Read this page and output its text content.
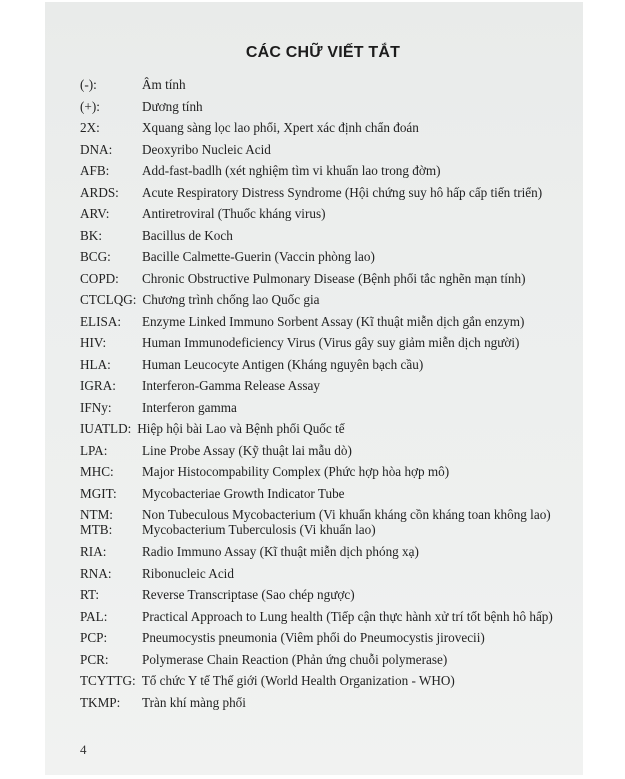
CÁC CHỮ VIẾT TẮT
(-):	Âm tính
(+):	Dương tính
2X:	Xquang sàng lọc lao phổi, Xpert xác định chẩn đoán
DNA: Deoxyribo Nucleic Acid
AFB: Add-fast-badlh (xét nghiệm tìm vi khuẩn lao trong đờm)
ARDS: Acute Respiratory Distress Syndrome (Hội chứng suy hô hấp cấp tiến triển)
ARV: Antiretroviral (Thuốc kháng virus)
BK:	Bacillus de Koch
BCG: Bacille Calmette-Guerin (Vaccin phòng lao)
COPD: Chronic Obstructive Pulmonary Disease (Bệnh phổi tắc nghẽn mạn tính)
CTCLQG: Chương trình chống lao Quốc gia
ELISA: Enzyme Linked Immuno Sorbent Assay (Kĩ thuật miễn dịch gắn enzym)
HIV:	Human Immunodeficiency Virus (Virus gây suy giảm miễn dịch người)
HLA: Human Leucocyte Antigen (Kháng nguyên bạch cầu)
IGRA: Interferon-Gamma Release Assay
IFNy: Interferon gamma
IUATLD: Hiệp hội bài Lao và Bệnh phổi Quốc tế
LPA:	Line Probe Assay (Kỹ thuật lai mẫu dò)
MHC: Major Histocompability Complex (Phức hợp hòa hợp mô)
MGIT: Mycobacteriae Growth Indicator Tube
NTM: Non Tubeculous Mycobacterium (Vi khuẩn kháng cồn kháng toan không lao)
MTB: Mycobacterium Tuberculosis (Vi khuẩn lao)
RIA:	Radio Immuno Assay (Kĩ thuật miễn dịch phóng xạ)
RNA: Ribonucleic Acid
RT:	Reverse Transcriptase (Sao chép ngược)
PAL:	Practical Approach to Lung health (Tiếp cận thực hành xử trí tốt bệnh hô hấp)
PCP:	Pneumocystis pneumonia (Viêm phổi do Pneumocystis jirovecii)
PCR:	Polymerase Chain Reaction (Phản ứng chuỗi polymerase)
TCYTTG: Tổ chức Y tế Thế giới (World Health Organization - WHO)
TKMP: Tràn khí màng phổi
4
